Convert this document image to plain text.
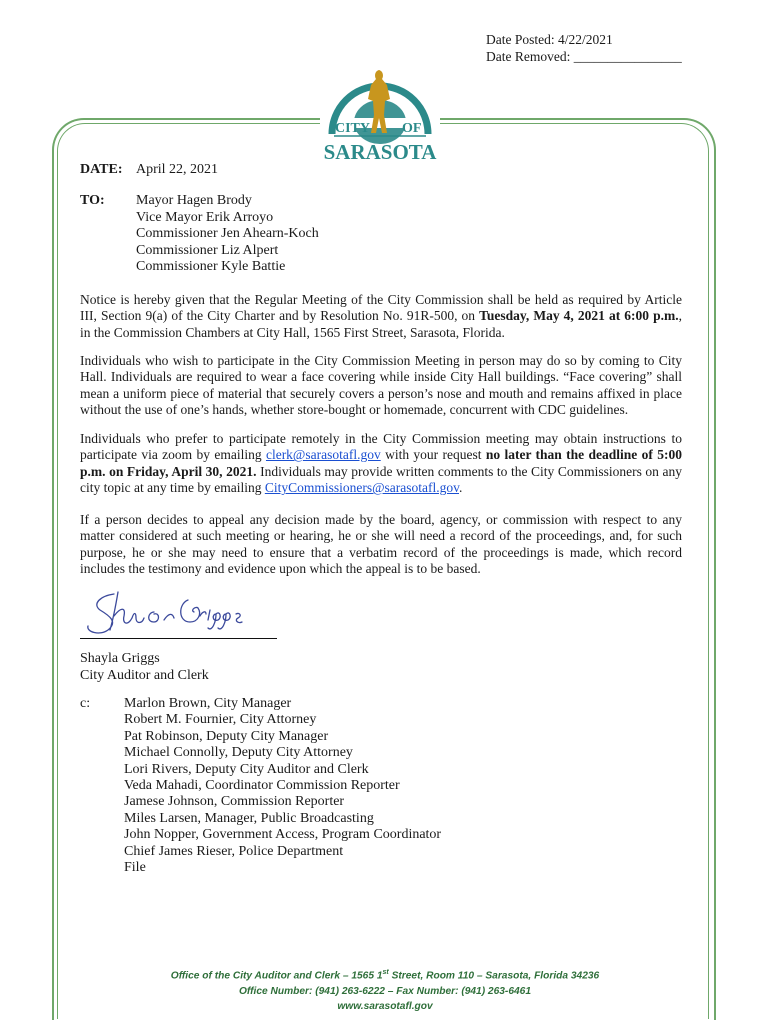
Date Posted: 4/22/2021
Date Removed: ________________
CITY OF
SARASOTA
DATE: April 22, 2021
TO: Mayor Hagen Brody
Vice Mayor Erik Arroyo
Commissioner Jen Ahearn-Koch
Commissioner Liz Alpert
Commissioner Kyle Battie
Notice is hereby given that the Regular Meeting of the City Commission shall be held as required by Article III, Section 9(a) of the City Charter and by Resolution No. 91R-500, on Tuesday, May 4, 2021 at 6:00 p.m., in the Commission Chambers at City Hall, 1565 First Street, Sarasota, Florida.
Individuals who wish to participate in the City Commission Meeting in person may do so by coming to City Hall. Individuals are required to wear a face covering while inside City Hall buildings. “Face covering” shall mean a uniform piece of material that securely covers a person’s nose and mouth and remains affixed in place without the use of one’s hands, whether store-bought or homemade, concurrent with CDC guidelines.
Individuals who prefer to participate remotely in the City Commission meeting may obtain instructions to participate via zoom by emailing clerk@sarasotafl.gov with your request no later than the deadline of 5:00 p.m. on Friday, April 30, 2021. Individuals may provide written comments to the City Commissioners on any city topic at any time by emailing CityCommissioners@sarasotafl.gov.
If a person decides to appeal any decision made by the board, agency, or commission with respect to any matter considered at such meeting or hearing, he or she will need a record of the proceedings, and, for such purpose, he or she may need to ensure that a verbatim record of the proceedings is made, which record includes the testimony and evidence upon which the appeal is to be based.
Shayla Griggs
City Auditor and Clerk
c: Marlon Brown, City Manager
Robert M. Fournier, City Attorney
Pat Robinson, Deputy City Manager
Michael Connolly, Deputy City Attorney
Lori Rivers, Deputy City Auditor and Clerk
Veda Mahadi, Coordinator Commission Reporter
Jamese Johnson, Commission Reporter
Miles Larsen, Manager, Public Broadcasting
John Nopper, Government Access, Program Coordinator
Chief James Rieser, Police Department
File
Office of the City Auditor and Clerk – 1565 1st Street, Room 110 – Sarasota, Florida 34236
Office Number: (941) 263-6222 – Fax Number: (941) 263-6461
www.sarasotafl.gov
